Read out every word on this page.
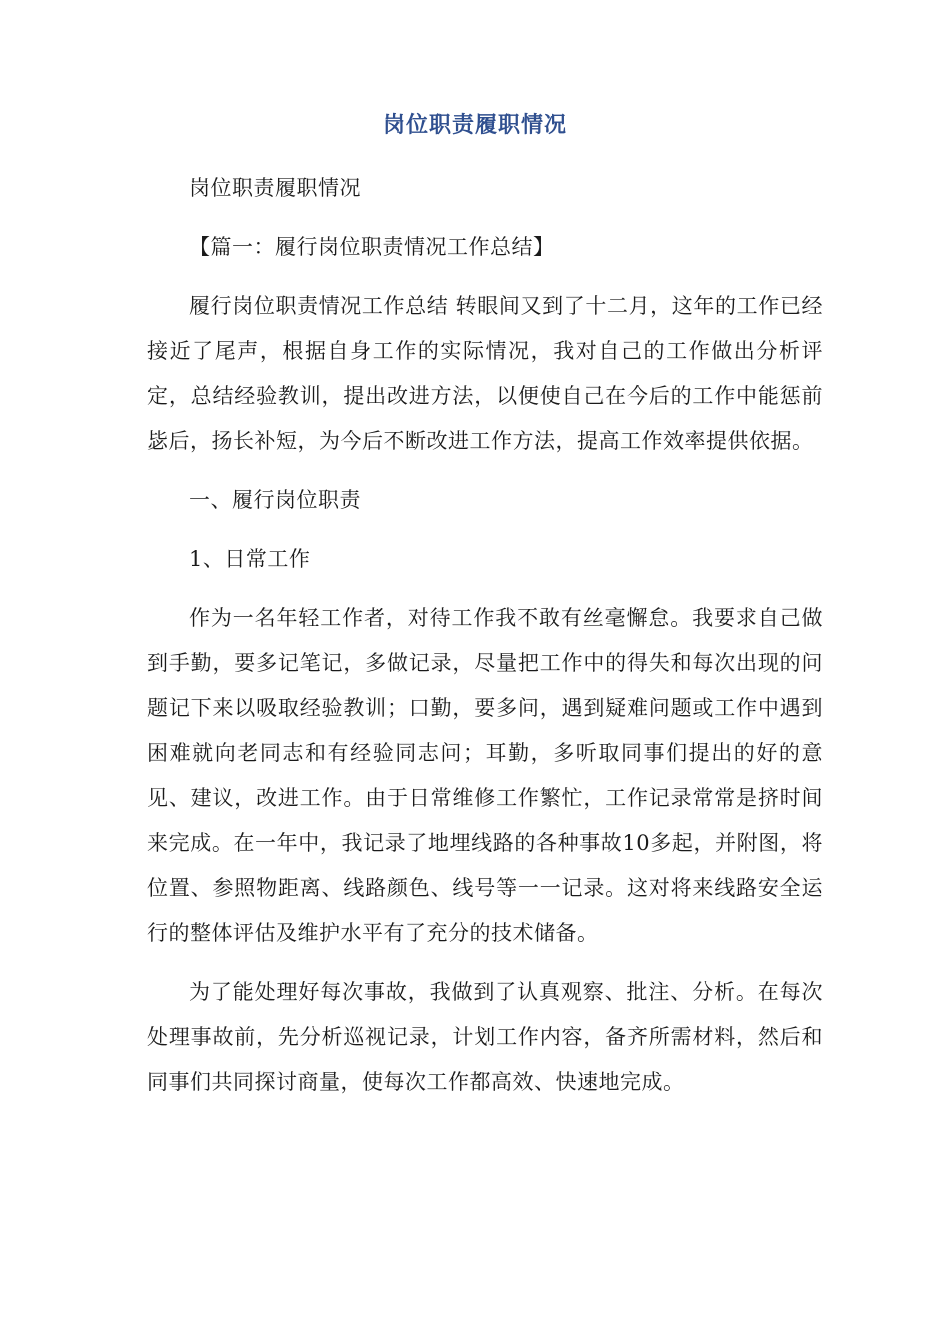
岗位职责履职情况

岗位职责履职情况

【篇一：履行岗位职责情况工作总结】

履行岗位职责情况工作总结 转眼间又到了十二月，这年的工作已经接近了尾声，根据自身工作的实际情况，我对自己的工作做出分析评定，总结经验教训，提出改进方法，以便使自己在今后的工作中能惩前毖后，扬长补短，为今后不断改进工作方法，提高工作效率提供依据。

一、履行岗位职责

1、日常工作

作为一名年轻工作者，对待工作我不敢有丝毫懈怠。我要求自己做到手勤，要多记笔记，多做记录，尽量把工作中的得失和每次出现的问题记下来以吸取经验教训；口勤，要多问，遇到疑难问题或工作中遇到困难就向老同志和有经验同志问；耳勤，多听取同事们提出的好的意见、建议，改进工作。由于日常维修工作繁忙，工作记录常常是挤时间来完成。在一年中，我记录了地埋线路的各种事故10多起，并附图，将位置、参照物距离、线路颜色、线号等一一记录。这对将来线路安全运行的整体评估及维护水平有了充分的技术储备。

为了能处理好每次事故，我做到了认真观察、批注、分析。在每次处理事故前，先分析巡视记录，计划工作内容，备齐所需材料，然后和同事们共同探讨商量，使每次工作都高效、快速地完成。
